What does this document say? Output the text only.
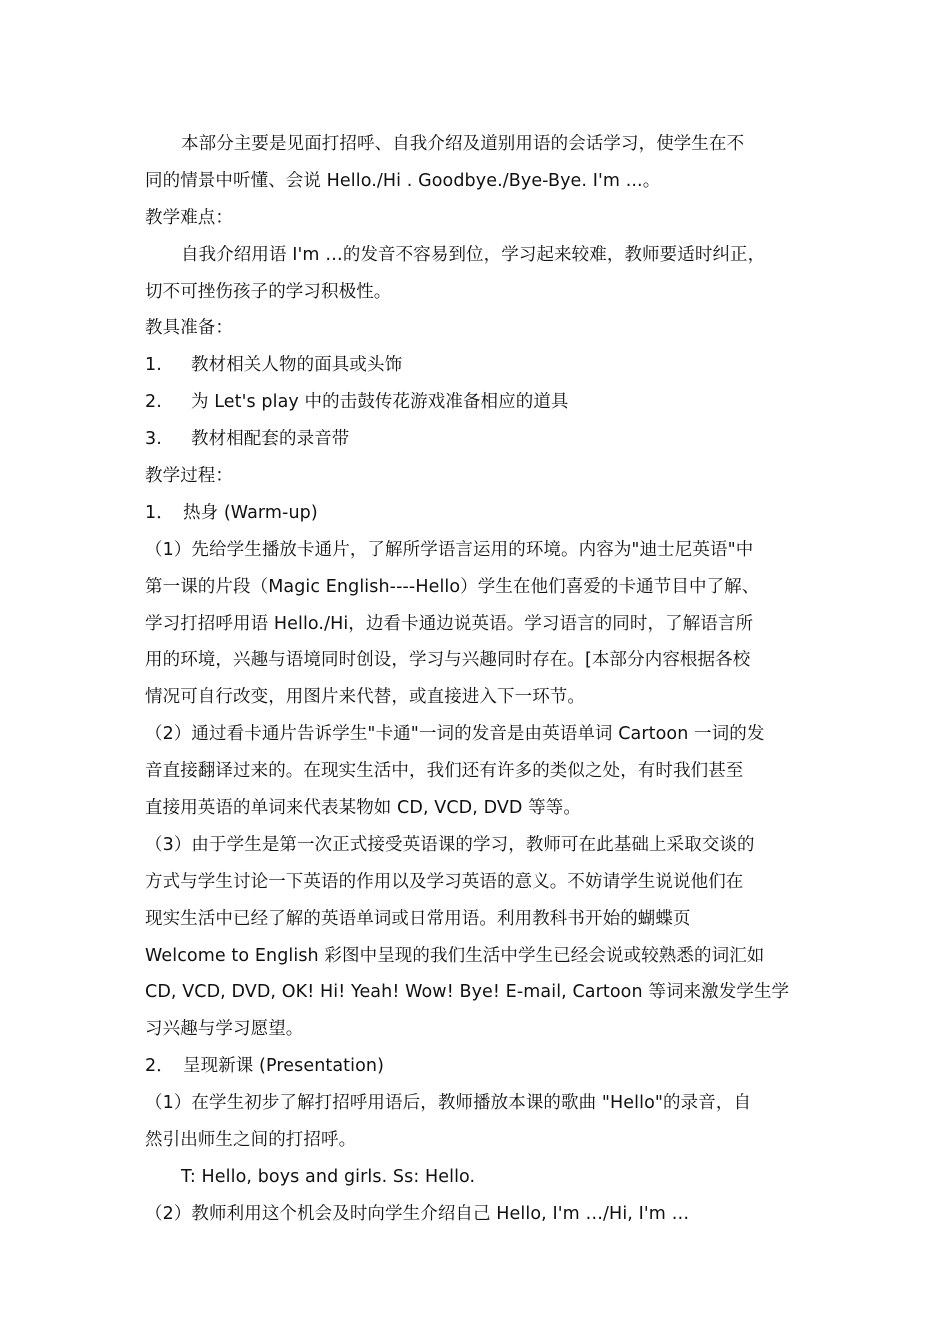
本部分主要是见面打招呼、自我介绍及道别用语的会话学习，使学生在不
同的情景中听懂、会说 Hello./Hi . Goodbye./Bye-Bye. I'm ...。
教学难点：
自我介绍用语 I'm …的发音不容易到位，学习起来较难，教师要适时纠正，
切不可挫伤孩子的学习积极性。
教具准备：
1. 教材相关人物的面具或头饰
2. 为 Let's play 中的击鼓传花游戏准备相应的道具
3. 教材相配套的录音带
教学过程：
1． 热身 (Warm-up)
（1）先给学生播放卡通片，了解所学语言运用的环境。内容为"迪士尼英语"中
第一课的片段（Magic English----Hello）学生在他们喜爱的卡通节目中了解、
学习打招呼用语 Hello./Hi，边看卡通边说英语。学习语言的同时，了解语言所
用的环境，兴趣与语境同时创设，学习与兴趣同时存在。[本部分内容根据各校
情况可自行改变，用图片来代替，或直接进入下一环节。
（2）通过看卡通片告诉学生"卡通"一词的发音是由英语单词 Cartoon 一词的发
音直接翻译过来的。在现实生活中，我们还有许多的类似之处，有时我们甚至
直接用英语的单词来代表某物如 CD, VCD, DVD 等等。
（3）由于学生是第一次正式接受英语课的学习，教师可在此基础上采取交谈的
方式与学生讨论一下英语的作用以及学习英语的意义。不妨请学生说说他们在
现实生活中已经了解的英语单词或日常用语。利用教科书开始的蝴蝶页
Welcome to English 彩图中呈现的我们生活中学生已经会说或较熟悉的词汇如
CD, VCD, DVD, OK! Hi! Yeah! Wow! Bye! E-mail, Cartoon 等词来激发学生学
习兴趣与学习愿望。
2． 呈现新课 (Presentation)
（1）在学生初步了解打招呼用语后，教师播放本课的歌曲 "Hello"的录音，自
然引出师生之间的打招呼。
T: Hello, boys and girls. Ss: Hello.
（2）教师利用这个机会及时向学生介绍自己 Hello, I'm …/Hi, I'm …
